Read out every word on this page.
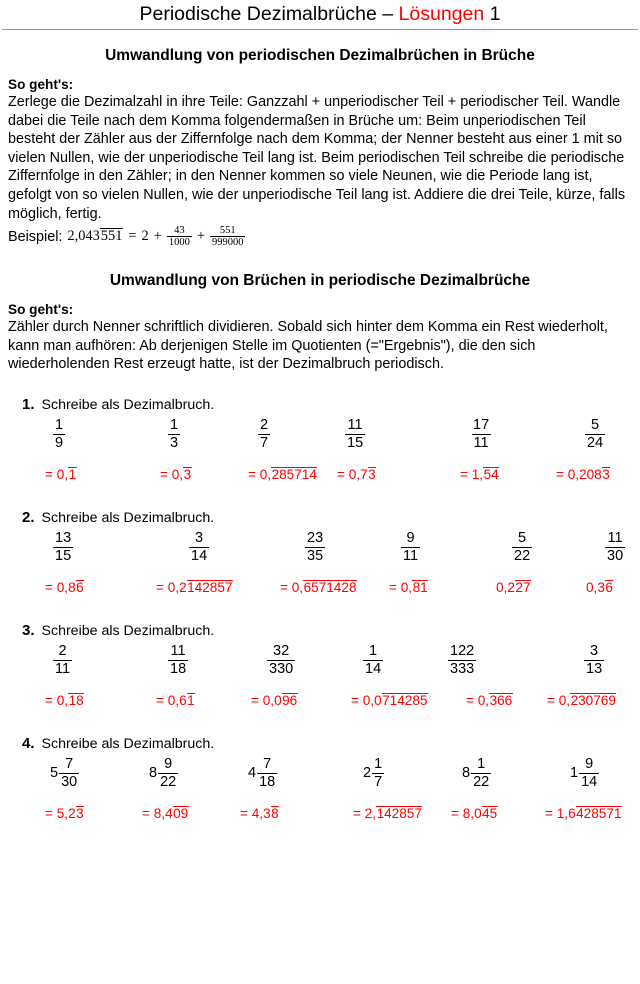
Periodische Dezimalbrüche – Lösungen 1
Umwandlung von periodischen Dezimalbrüchen in Brüche
So geht's:
Zerlege die Dezimalzahl in ihre Teile: Ganzzahl + unperiodischer Teil + periodischer Teil. Wandle dabei die Teile nach dem Komma folgendermaßen in Brüche um: Beim unperiodischen Teil besteht der Zähler aus der Ziffernfolge nach dem Komma; der Nenner besteht aus einer 1 mit so vielen Nullen, wie der unperiodische Teil lang ist. Beim periodischen Teil schreibe die periodische Ziffernfolge in den Zähler; in den Nenner kommen so viele Neunen, wie die Periode lang ist, gefolgt von so vielen Nullen, wie der unperiodische Teil lang ist. Addiere die drei Teile, kürze, falls möglich, fertig.
Beispiel: $2,043551 = 2 + \frac{43}{1000} + \frac{551}{999000}$
Umwandlung von Brüchen in periodische Dezimalbrüche
So geht's:
Zähler durch Nenner schriftlich dividieren. Sobald sich hinter dem Komma ein Rest wiederholt, kann man aufhören: Ab derjenigen Stelle im Quotienten (="Ergebnis"), die den sich wiederholenden Rest erzeugt hatte, ist der Dezimalbruch periodisch.
1. Schreibe als Dezimalbruch.
$\frac{1}{9}$
= 0,1
$\frac{1}{3}$
= 0,3
$\frac{2}{7}$
= 0,285714
$\frac{11}{15}$
= 0,73
$\frac{17}{11}$
= 1,54
$\frac{5}{24}$
= 0,2083
2. Schreibe als Dezimalbruch.
$\frac{13}{15}$
= 0,86
$\frac{3}{14}$
= 0,2142857
$\frac{23}{35}$
= 0,6571428
$\frac{9}{11}$
= 0,81
$\frac{5}{22}$
0,227
$\frac{11}{30}$
0,36
3. Schreibe als Dezimalbruch.
$\frac{2}{11}$
= 0,18
$\frac{11}{18}$
= 0,61
$\frac{32}{330}$
= 0,096
$\frac{1}{14}$
= 0,0714285
$\frac{122}{333}$
= 0,366
$\frac{3}{13}$
= 0,230769
4. Schreibe als Dezimalbruch.
$5 \frac{7}{30}$
= 5,23
$8 \frac{9}{22}$
= 8,409
$4 \frac{7}{18}$
= 4,38
$2 \frac{1}{7}$
= 2,142857
$8 \frac{1}{22}$
= 8,045
$1 \frac{9}{14}$
= 1,6428571
